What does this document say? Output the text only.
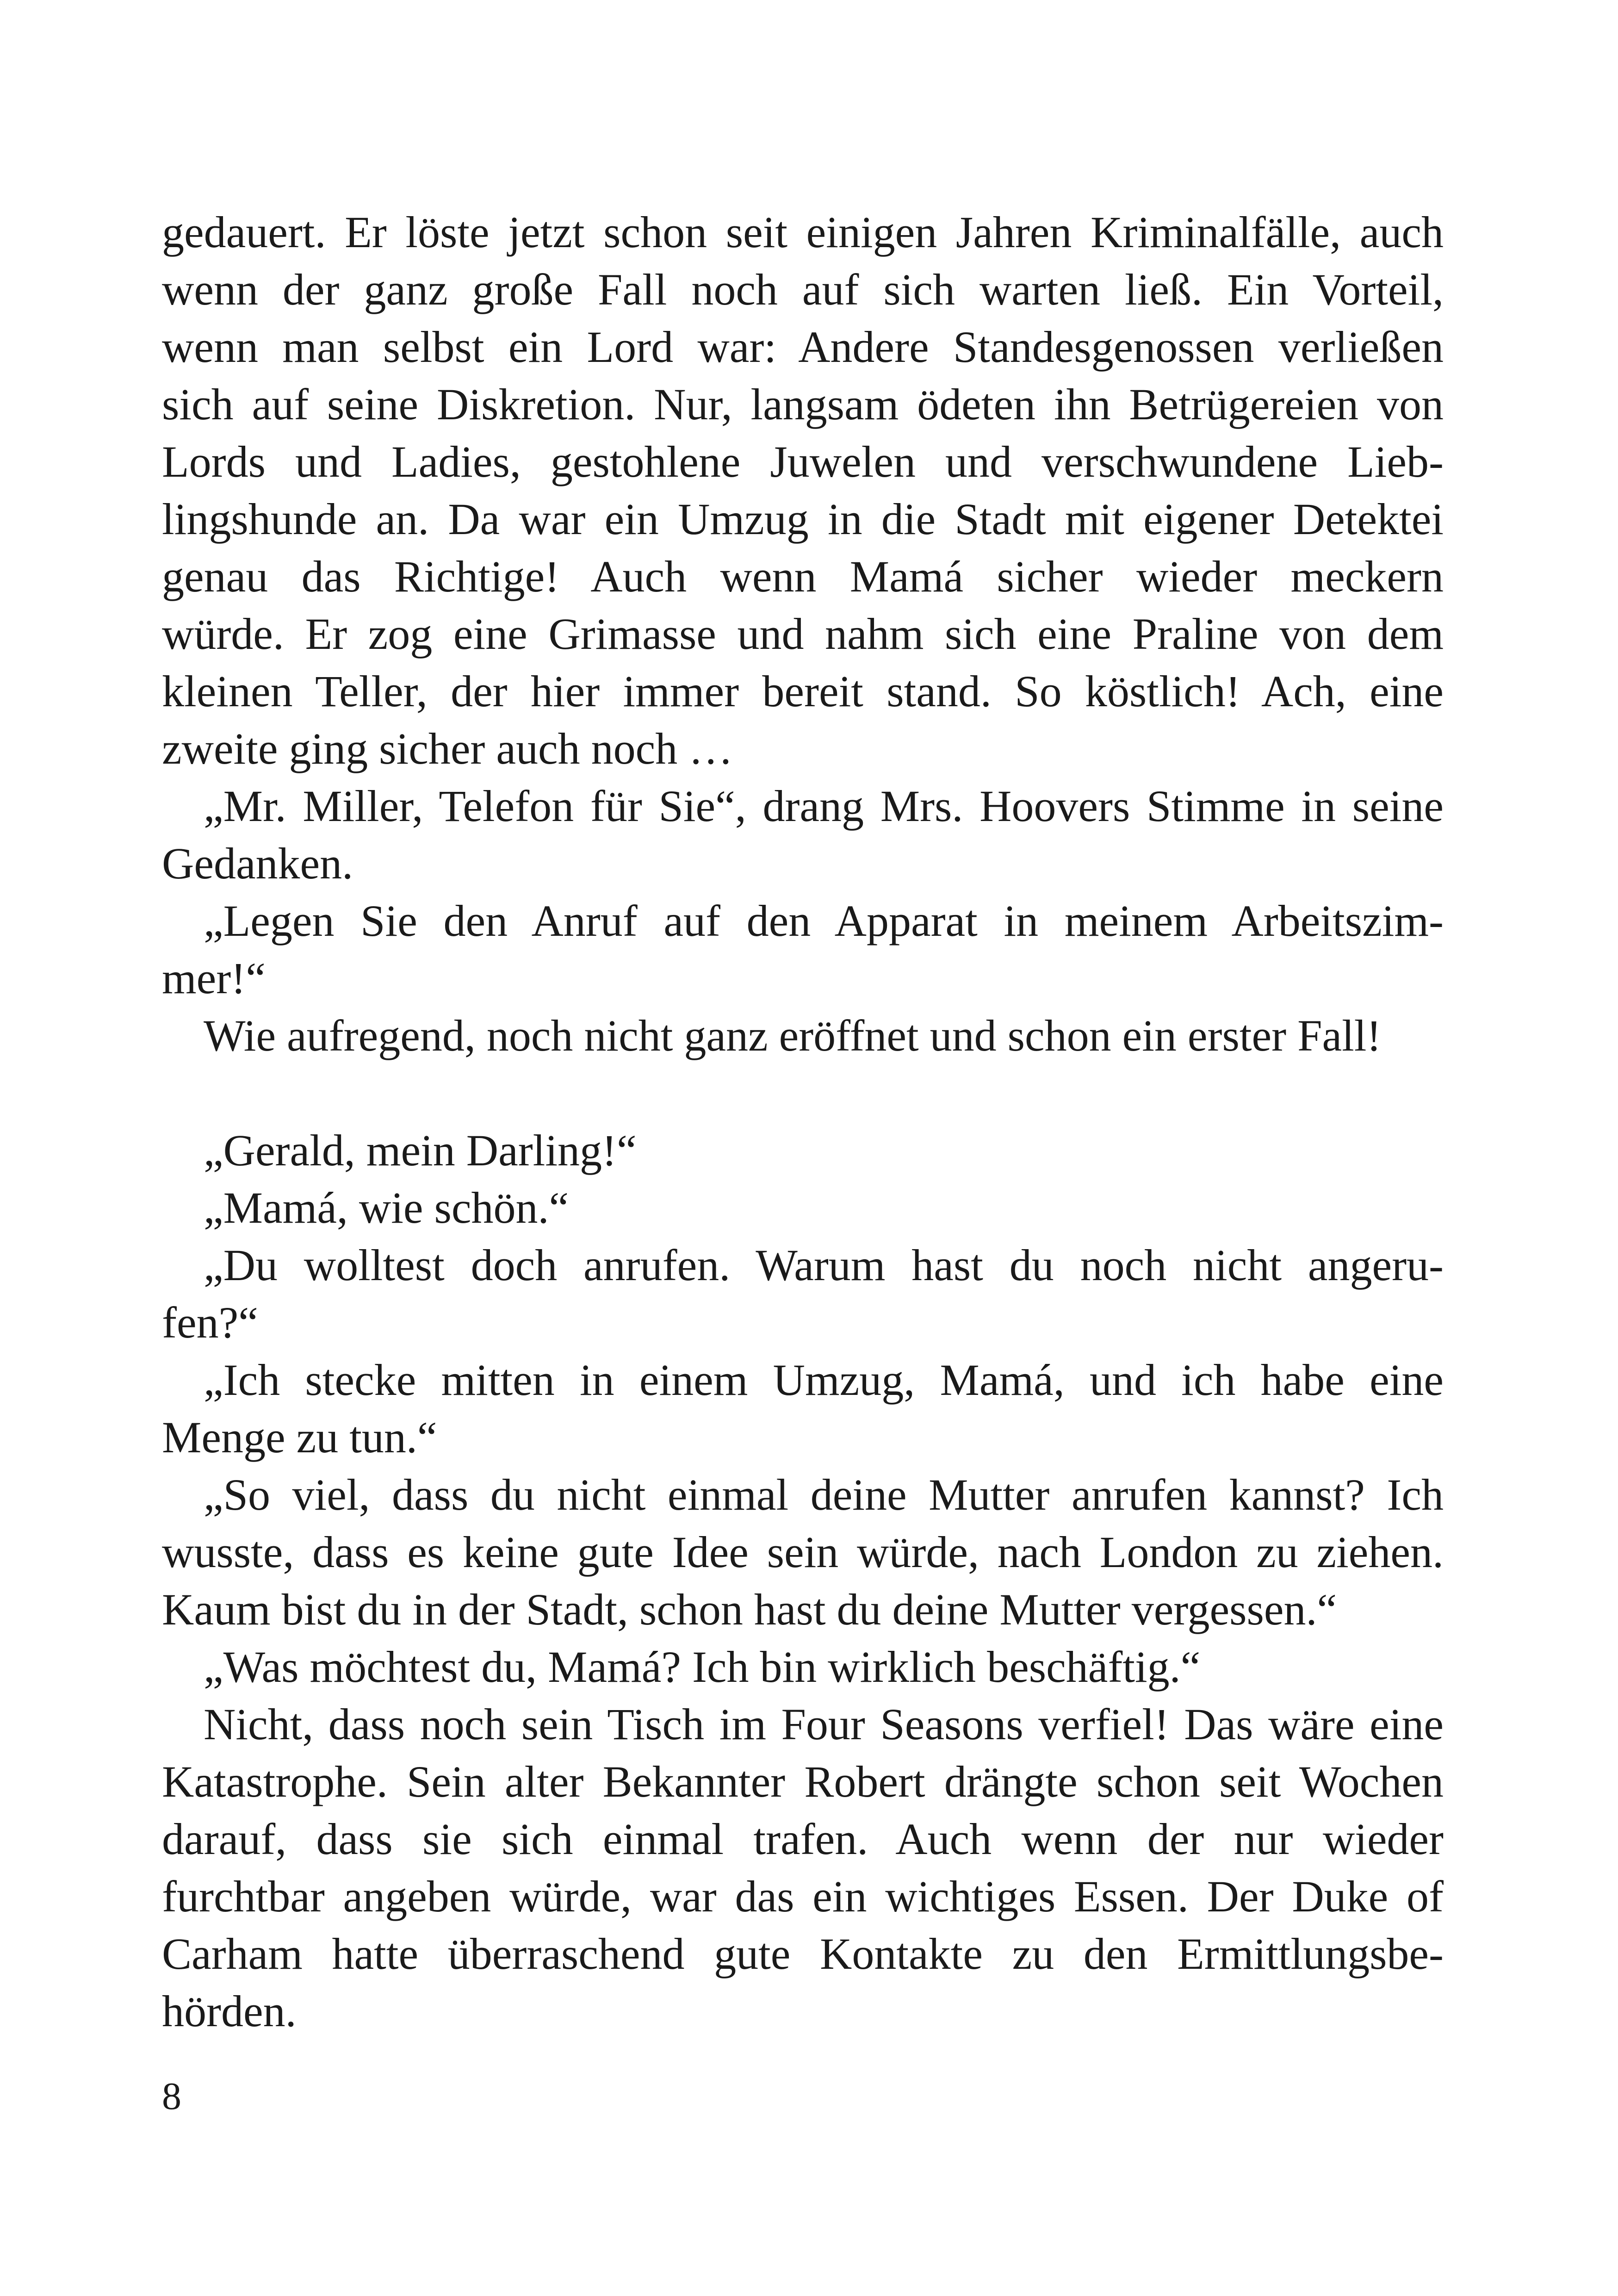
gedauert. Er löste jetzt schon seit einigen Jahren Kriminalfälle, auch
wenn der ganz große Fall noch auf sich warten ließ. Ein Vorteil,
wenn man selbst ein Lord war: Andere Standesgenossen verließen
sich auf seine Diskretion. Nur, langsam ödeten ihn Betrügereien von
Lords und Ladies, gestohlene Juwelen und verschwundene Lieb-
lingshunde an. Da war ein Umzug in die Stadt mit eigener Detektei
genau das Richtige! Auch wenn Mamá sicher wieder meckern
würde. Er zog eine Grimasse und nahm sich eine Praline von dem
kleinen Teller, der hier immer bereit stand. So köstlich! Ach, eine
zweite ging sicher auch noch …
„Mr. Miller, Telefon für Sie“, drang Mrs. Hoovers Stimme in seine
Gedanken.
„Legen Sie den Anruf auf den Apparat in meinem Arbeitszim-
mer!“
Wie aufregend, noch nicht ganz eröffnet und schon ein erster Fall!
„Gerald, mein Darling!“
„Mamá, wie schön.“
„Du wolltest doch anrufen. Warum hast du noch nicht angeru-
fen?“
„Ich stecke mitten in einem Umzug, Mamá, und ich habe eine
Menge zu tun.“
„So viel, dass du nicht einmal deine Mutter anrufen kannst? Ich
wusste, dass es keine gute Idee sein würde, nach London zu ziehen.
Kaum bist du in der Stadt, schon hast du deine Mutter vergessen.“
„Was möchtest du, Mamá? Ich bin wirklich beschäftig.“
Nicht, dass noch sein Tisch im Four Seasons verfiel! Das wäre eine
Katastrophe. Sein alter Bekannter Robert drängte schon seit Wochen
darauf, dass sie sich einmal trafen. Auch wenn der nur wieder
furchtbar angeben würde, war das ein wichtiges Essen. Der Duke of
Carham hatte überraschend gute Kontakte zu den Ermittlungsbe-
hörden.
8
